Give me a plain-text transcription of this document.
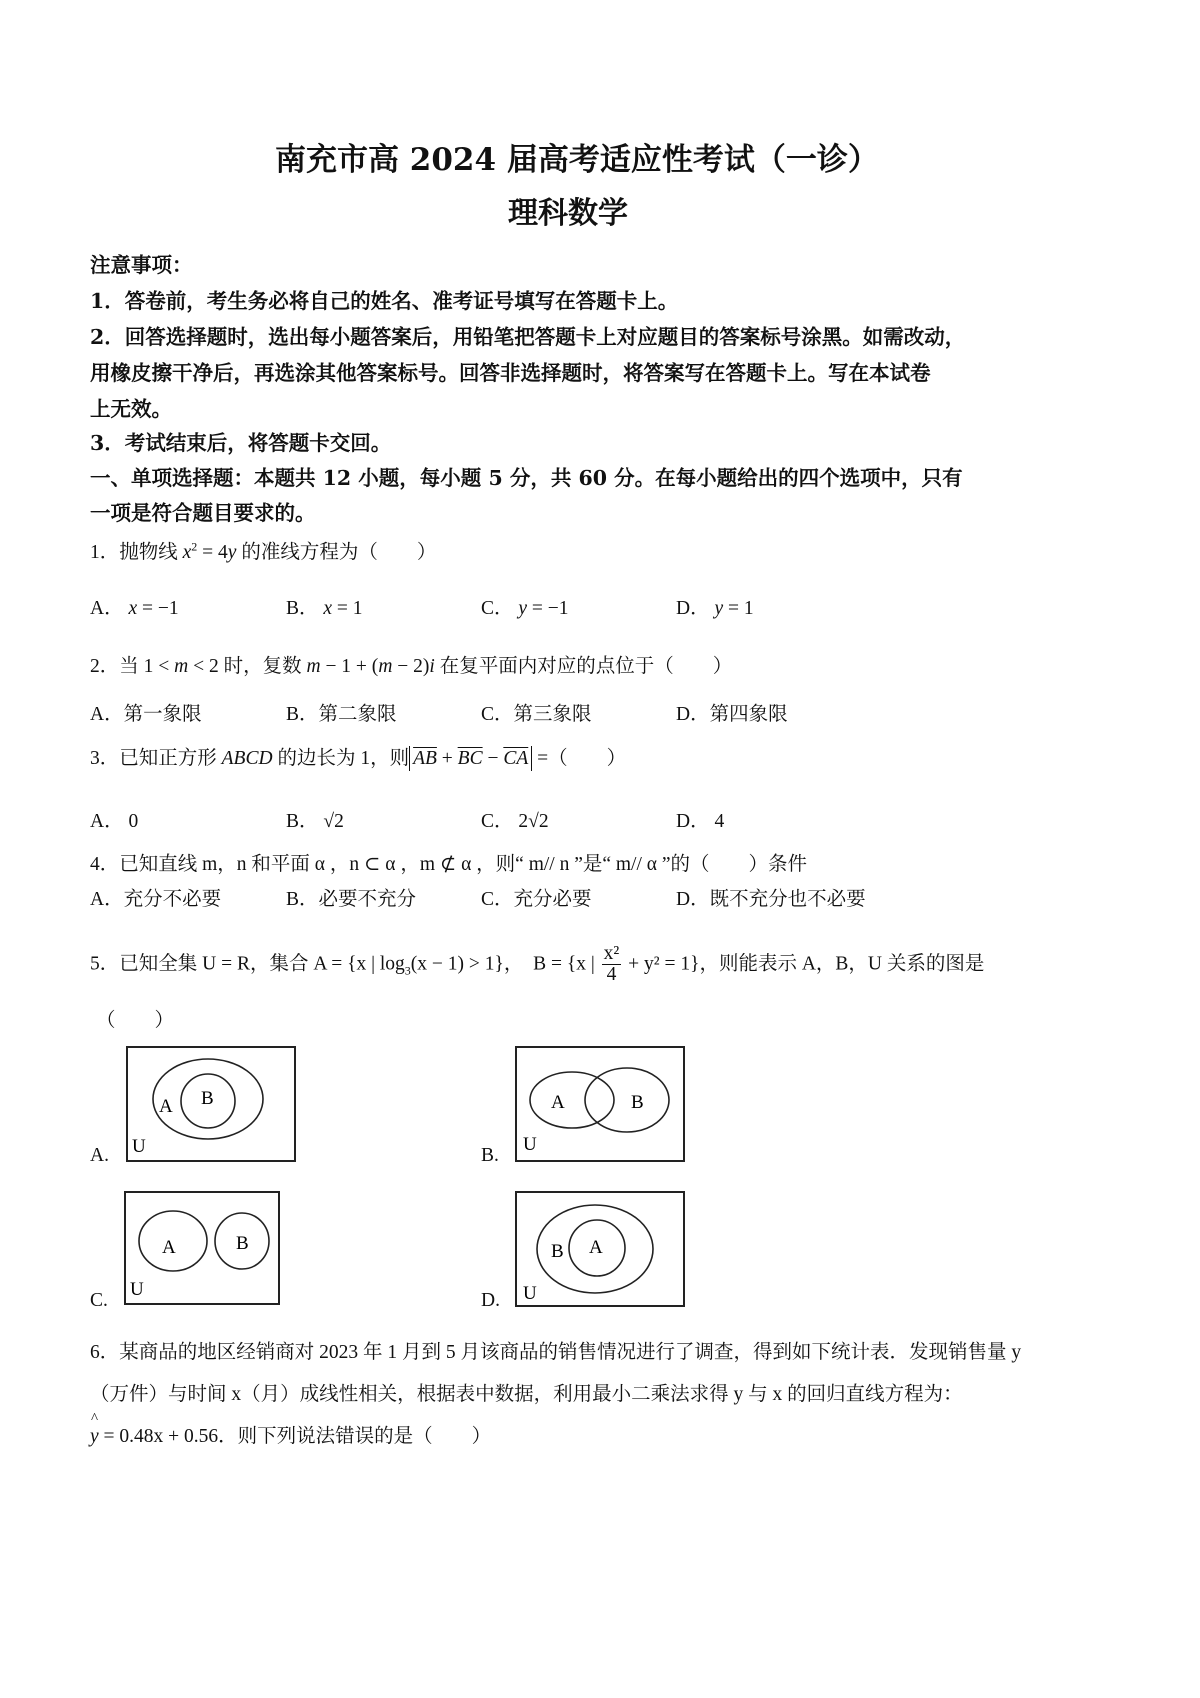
南充市高 2024 届高考适应性考试（一诊）
理科数学
注意事项：
1．答卷前，考生务必将自己的姓名、准考证号填写在答题卡上。
2．回答选择题时，选出每小题答案后，用铅笔把答题卡上对应题目的答案标号涂黑。如需改动，
用橡皮擦干净后，再选涂其他答案标号。回答非选择题时，将答案写在答题卡上。写在本试卷
上无效。
3．考试结束后，将答题卡交回。
一、单项选择题：本题共 12 小题，每小题 5 分，共 60 分。在每小题给出的四个选项中，只有
一项是符合题目要求的。
1．抛物线 $x^2 = 4y$ 的准线方程为（　　）
A． x = −1	B． x = 1	C． y = −1	D． y = 1
2．当 1 < m < 2 时，复数 m − 1 + (m − 2)i 在复平面内对应的点位于（　　）
A．第一象限	B．第二象限	C．第三象限	D．第四象限
3．已知正方形 ABCD 的边长为 1，则 $\overline{AB} + \overline{BC} - \overline{CA}$ =（　　）
A． 0	B． √2	C． 2√2	D． 4
4．已知直线 m，n 和平面 α ，n ⊂ α ，m ⊄ α ，则“ m// n ”是“ m// α ”的（　　）条件
A．充分不必要	B．必要不充分	C．充分必要	D．既不充分也不必要
5．已知全集 U = R，集合 A = {x | $\log_3(x - 1) > 1$}， B = {x | $\frac{\text{x²}}{4} + y^2 = 1$}，则能表示 A，B，U 关系的图是
（　　）
A.
A B
U	B.
A	B
U
C.
A	B
U
D.
B A
U
6．某商品的地区经销商对 2023 年 1 月到 5 月该商品的销售情况进行了调查，得到如下统计表．发现销售量 y
（万件）与时间 x（月）成线性相关，根据表中数据，利用最小二乘法求得 y 与 x 的回归直线方程为：
^
y = 0.48x + 0.56．则下列说法错误的是（　　）
